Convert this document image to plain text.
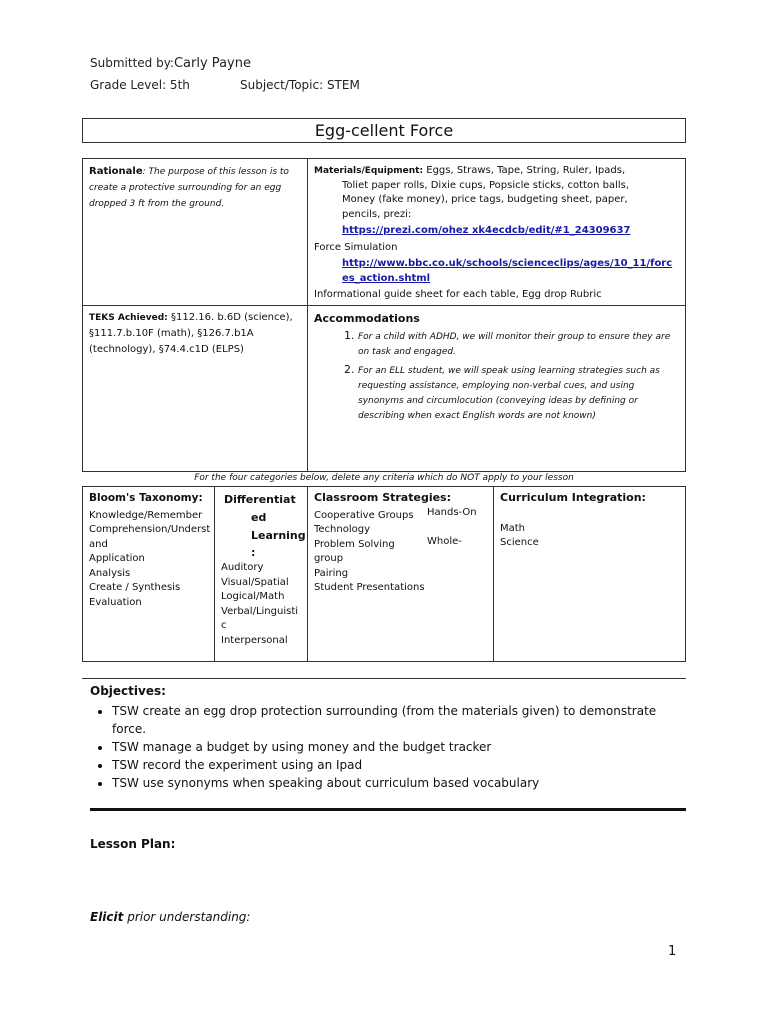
Submitted by:Carly Payne
Grade Level: 5th	Subject/Topic: STEM
Egg-cellent Force
Rationale: The purpose of this lesson is to create a protective surrounding for an egg dropped 3 ft from the ground.
Materials/Equipment: Eggs, Straws, Tape, String, Ruler, Ipads,
Toliet paper rolls, Dixie cups, Popsicle sticks, cotton balls,
Money (fake money), price tags, budgeting sheet, paper,
pencils, prezi:
https://prezi.com/ohez xk4ecdcb/edit/#1_24309637
Force Simulation
http://www.bbc.co.uk/schools/scienceclips/ages/10_11/forc
es_action.shtml
Informational guide sheet for each table, Egg drop Rubric
TEKS Achieved: §112.16. b.6D (science), §111.7.b.10F (math), §126.7.b1A (technology), §74.4.c1D (ELPS)
Accommodations
1. For a child with ADHD, we will monitor their group to ensure they are on task and engaged.
2. For an ELL student, we will speak using learning strategies such as requesting assistance, employing non-verbal cues, and using synonyms and circumlocution (conveying ideas by defining or describing when exact English words are not known)
For the four categories below, delete any criteria which do NOT apply to your lesson
Bloom's Taxonomy:
Knowledge/Remember
Comprehension/Underst
and
Application
Analysis
Create / Synthesis
Evaluation
Differentiat
ed
Learning
:
Auditory
Visual/Spatial
Logical/Math
Verbal/Linguisti
c
Interpersonal
Classroom Strategies:
Cooperative Groups
Technology
Problem Solving
group
Pairing
Student Presentations
Hands-On
Whole-
Curriculum Integration:
Math
Science
Objectives:
• TSW create an egg drop protection surrounding (from the materials given) to demonstrate force.
• TSW manage a budget by using money and the budget tracker
• TSW record the experiment using an Ipad
• TSW use synonyms when speaking about curriculum based vocabulary
Lesson Plan:
Elicit prior understanding:
1
